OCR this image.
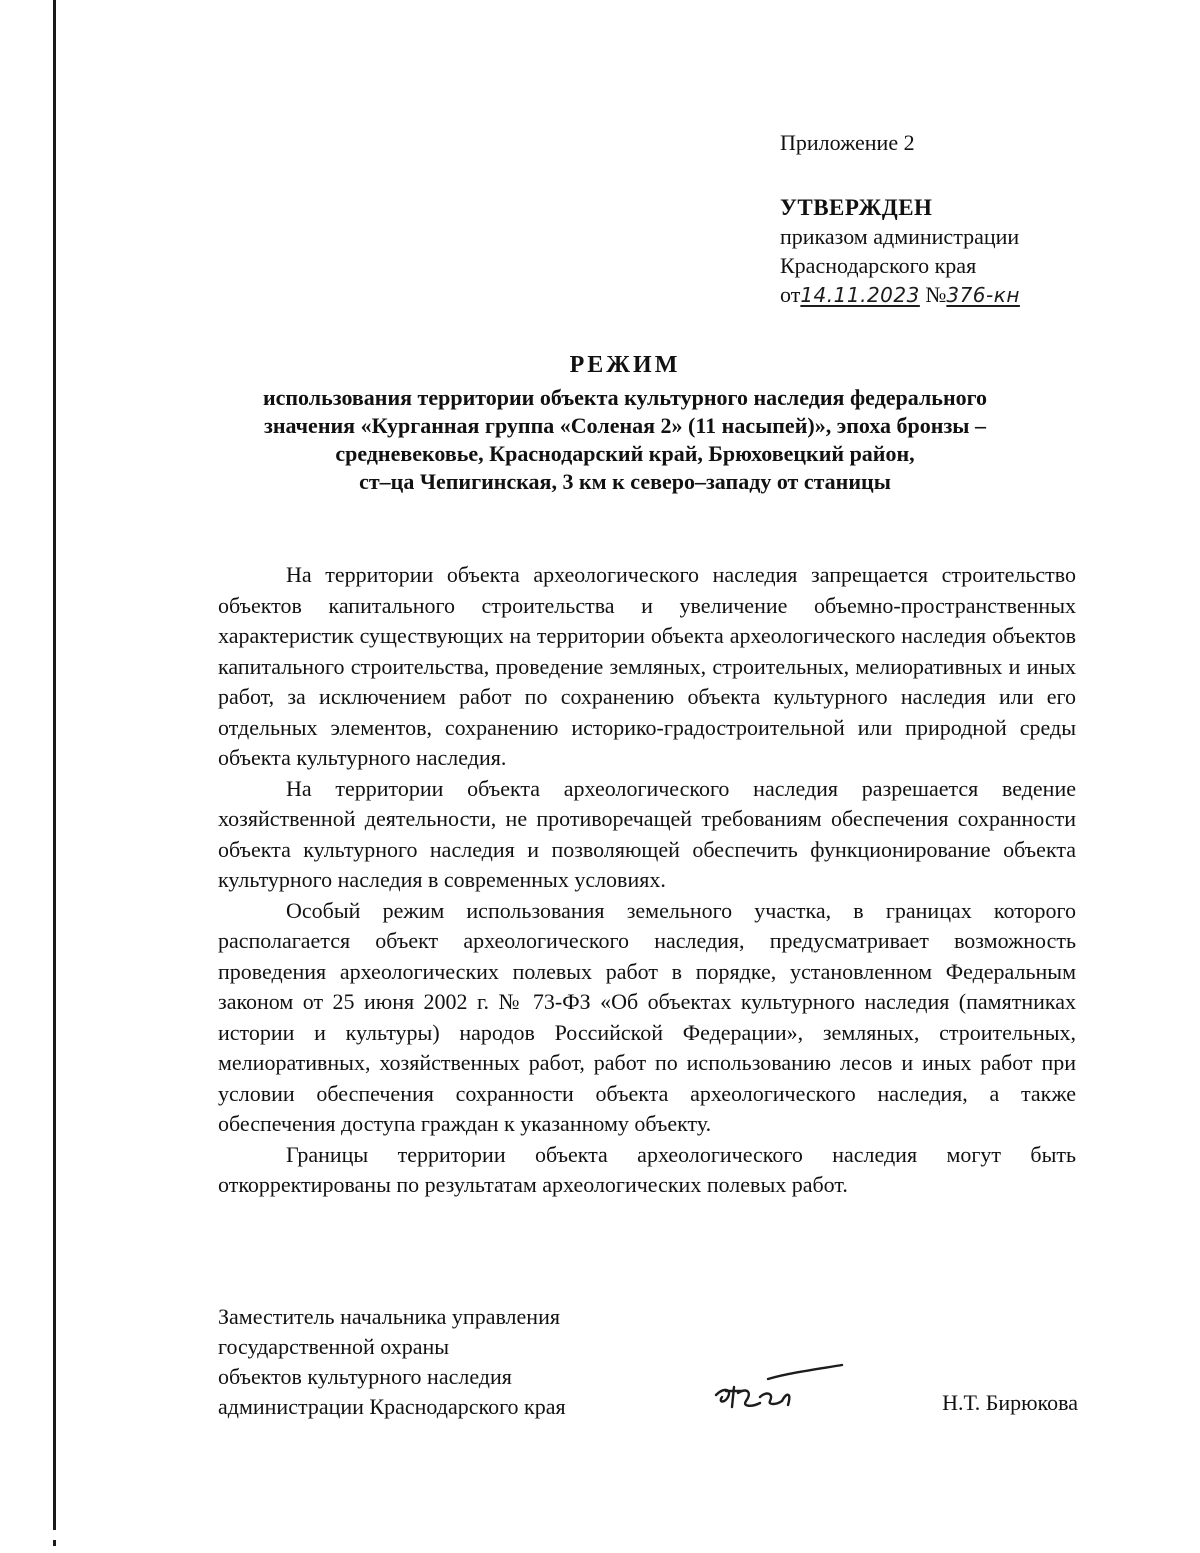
Приложение 2
УТВЕРЖДЕН
приказом администрации
Краснодарского края
от14.11.2023 №376-кн
РЕЖИМ
использования территории объекта культурного наследия федерального
значения «Курганная группа «Соленая 2» (11 насыпей)», эпоха бронзы –
средневековье, Краснодарский край, Брюховецкий район,
ст–ца Чепигинская, 3 км к северо–западу от станицы

На территории объекта археологического наследия запрещается строительство объектов капитального строительства и увеличение объемно-пространственных характеристик существующих на территории объекта археологического наследия объектов капитального строительства, проведение земляных, строительных, мелиоративных и иных работ, за исключением работ по сохранению объекта культурного наследия или его отдельных элементов, сохранению историко-градостроительной или природной среды объекта культурного наследия.

На территории объекта археологического наследия разрешается ведение хозяйственной деятельности, не противоречащей требованиям обеспечения сохранности объекта культурного наследия и позволяющей обеспечить функционирование объекта культурного наследия в современных условиях.

Особый режим использования земельного участка, в границах которого располагается объект археологического наследия, предусматривает возможность проведения археологических полевых работ в порядке, установленном Федеральным законом от 25 июня 2002 г. № 73-ФЗ «Об объектах культурного наследия (памятниках истории и культуры) народов Российской Федерации», земляных, строительных, мелиоративных, хозяйственных работ, работ по использованию лесов и иных работ при условии обеспечения сохранности объекта археологического наследия, а также обеспечения доступа граждан к указанному объекту.

Границы территории объекта археологического наследия могут быть откорректированы по результатам археологических полевых работ.

Заместитель начальника управления
государственной охраны
объектов культурного наследия
администрации Краснодарского края	Н.Т. Бирюкова
